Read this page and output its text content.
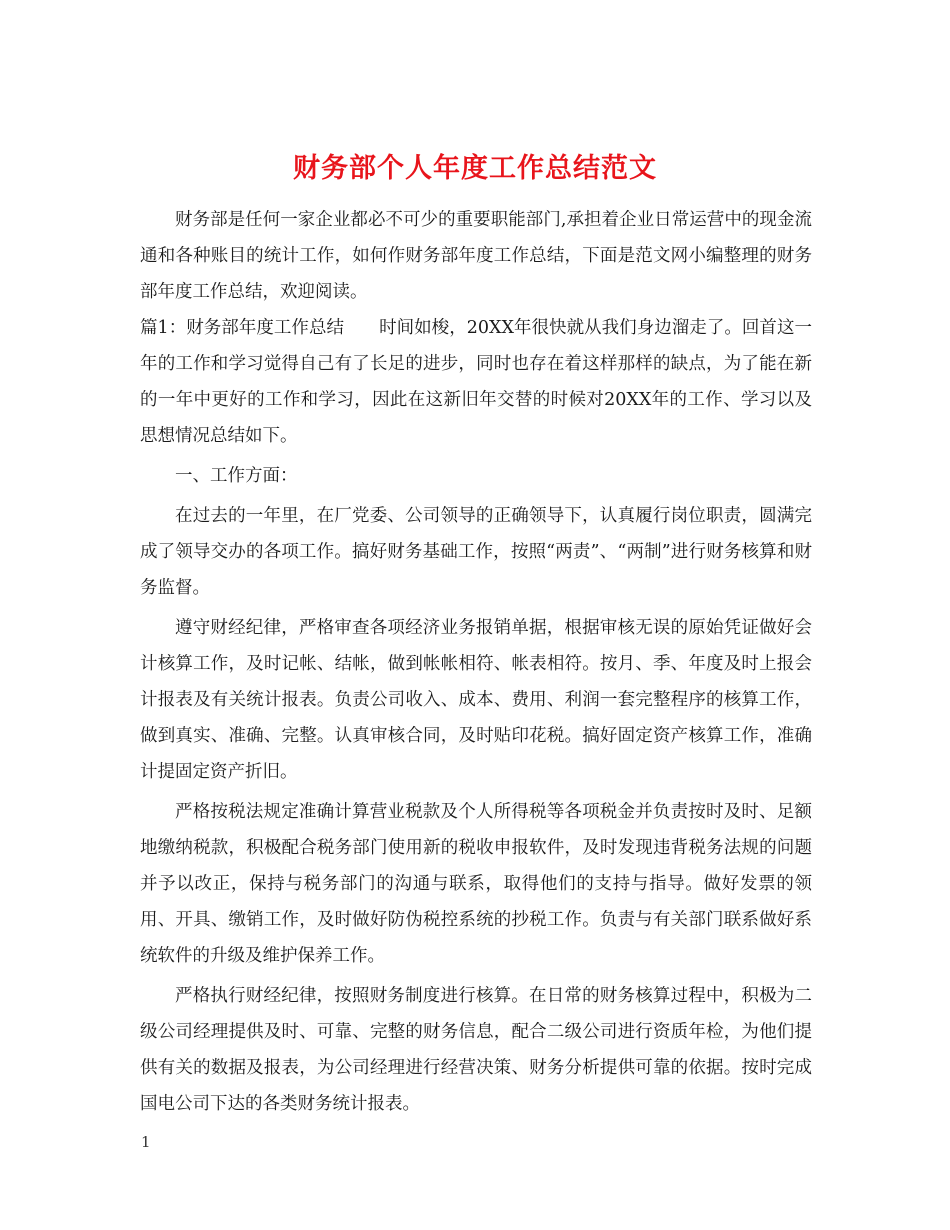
财务部个人年度工作总结范文

财务部是任何一家企业都必不可少的重要职能部门,承担着企业日常运营中的现金流通和各种账目的统计工作，如何作财务部年度工作总结，下面是范文网小编整理的财务部年度工作总结，欢迎阅读。

篇1：财务部年度工作总结　　时间如梭，20XX年很快就从我们身边溜走了。回首这一年的工作和学习觉得自己有了长足的进步，同时也存在着这样那样的缺点，为了能在新的一年中更好的工作和学习，因此在这新旧年交替的时候对20XX年的工作、学习以及思想情况总结如下。

一、工作方面：

在过去的一年里，在厂党委、公司领导的正确领导下，认真履行岗位职责，圆满完成了领导交办的各项工作。搞好财务基础工作，按照“两责”、“两制”进行财务核算和财务监督。

遵守财经纪律，严格审查各项经济业务报销单据，根据审核无误的原始凭证做好会计核算工作，及时记帐、结帐，做到帐帐相符、帐表相符。按月、季、年度及时上报会计报表及有关统计报表。负责公司收入、成本、费用、利润一套完整程序的核算工作，做到真实、准确、完整。认真审核合同，及时贴印花税。搞好固定资产核算工作，准确计提固定资产折旧。

严格按税法规定准确计算营业税款及个人所得税等各项税金并负责按时及时、足额地缴纳税款，积极配合税务部门使用新的税收申报软件，及时发现违背税务法规的问题并予以改正，保持与税务部门的沟通与联系，取得他们的支持与指导。做好发票的领用、开具、缴销工作，及时做好防伪税控系统的抄税工作。负责与有关部门联系做好系统软件的升级及维护保养工作。

严格执行财经纪律，按照财务制度进行核算。在日常的财务核算过程中，积极为二级公司经理提供及时、可靠、完整的财务信息，配合二级公司进行资质年检，为他们提供有关的数据及报表，为公司经理进行经营决策、财务分析提供可靠的依据。按时完成国电公司下达的各类财务统计报表。

1
